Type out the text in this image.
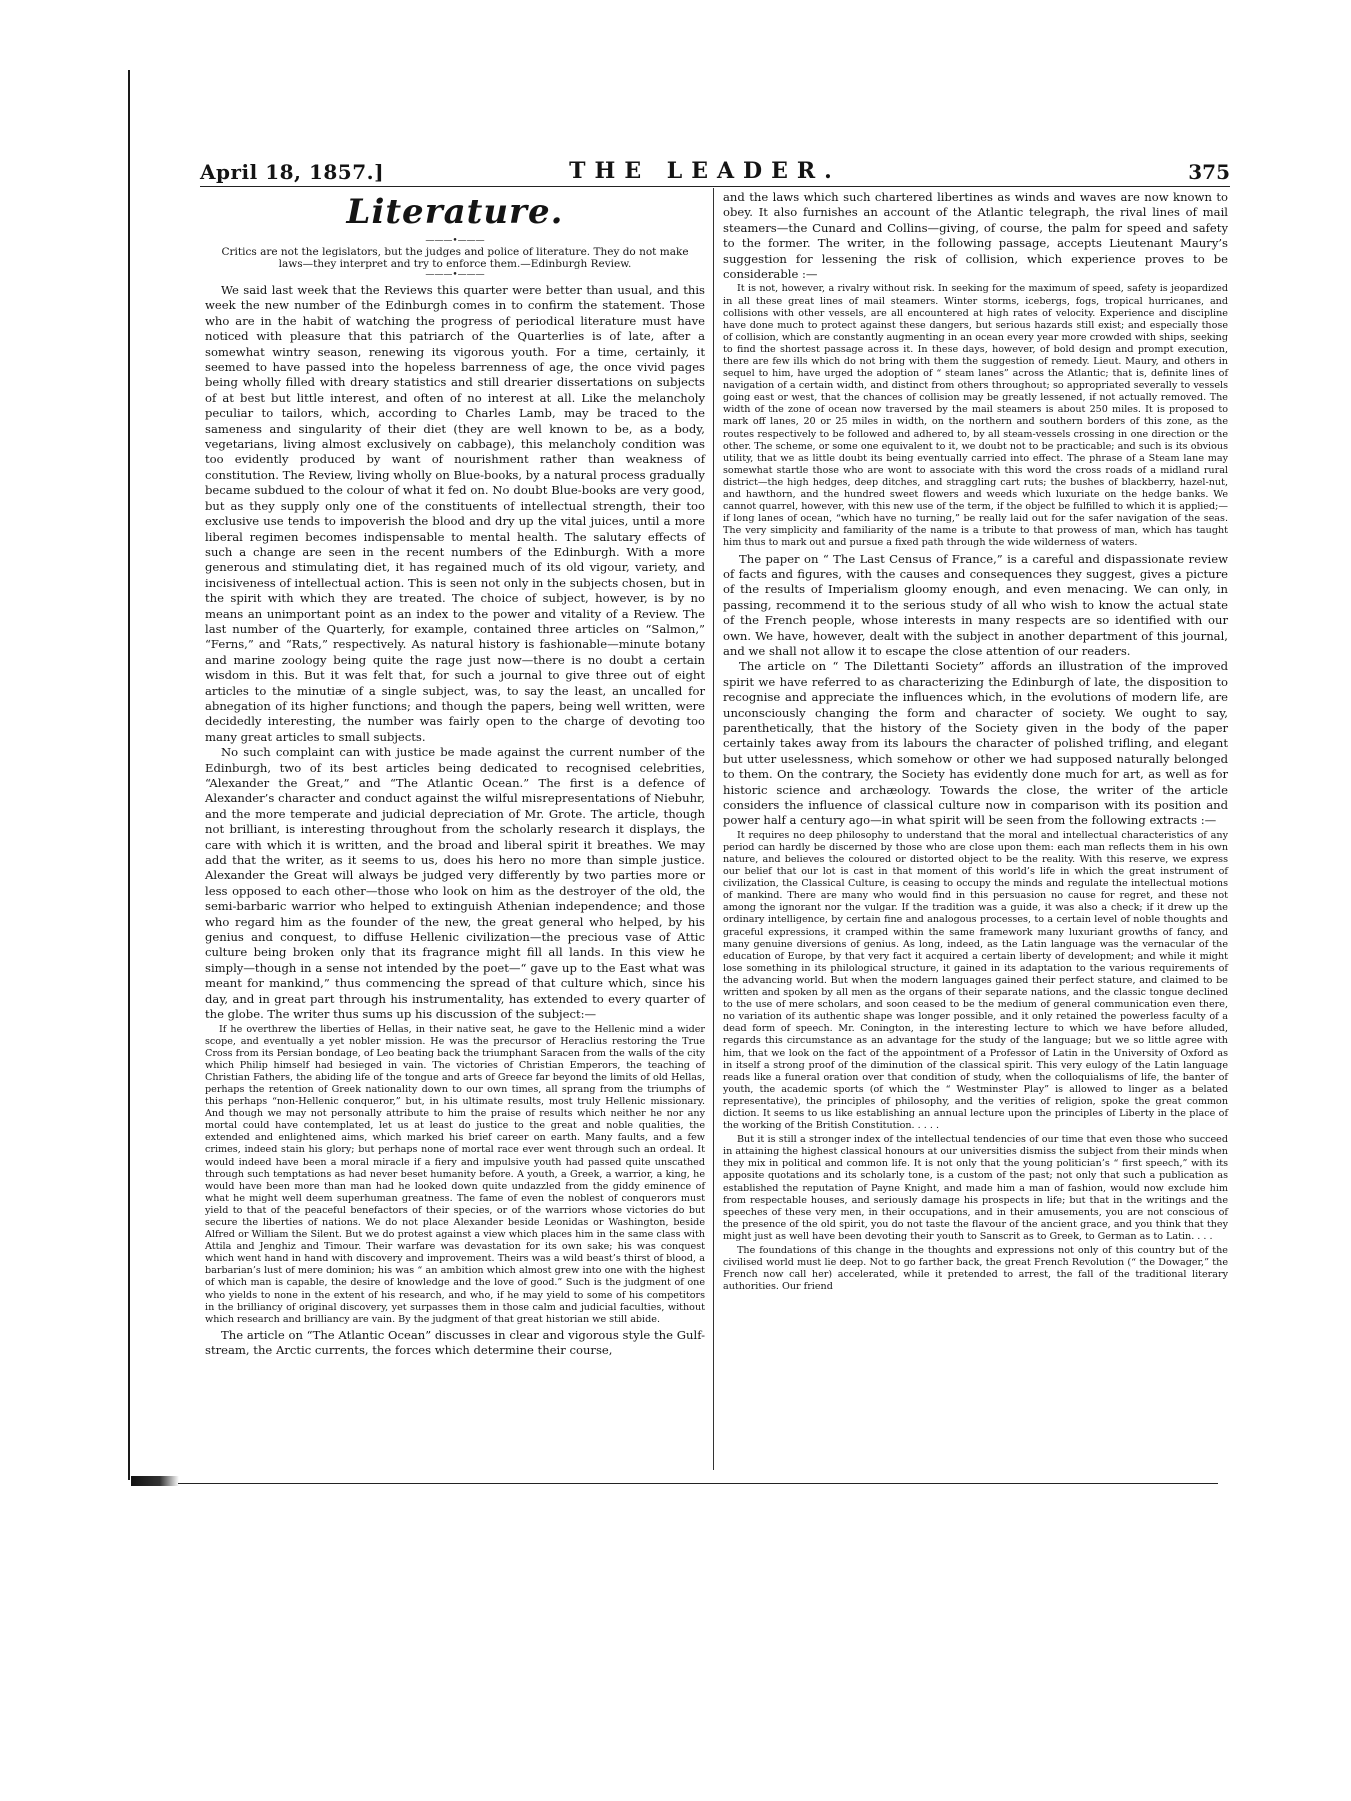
April 18, 1857.]	THE LEADER.	375
Literature.
———•———
Critics are not the legislators, but the judges and police of literature. They do not make laws—they interpret and try to enforce them.—Edinburgh Review.
———•———

We said last week that the Reviews this quarter were better than usual, and this week the new number of the Edinburgh comes in to confirm the statement. Those who are in the habit of watching the progress of periodical literature must have noticed with pleasure that this patriarch of the Quarterlies is of late, after a somewhat wintry season, renewing its vigorous youth. For a time, certainly, it seemed to have passed into the hopeless barrenness of age, the once vivid pages being wholly filled with dreary statistics and still drearier dissertations on subjects of at best but little interest, and often of no interest at all. Like the melancholy peculiar to tailors, which, according to Charles Lamb, may be traced to the sameness and singularity of their diet (they are well known to be, as a body, vegetarians, living almost exclusively on cabbage), this melancholy condition was too evidently produced by want of nourishment rather than weakness of constitution. The Review, living wholly on Blue-books, by a natural process gradually became subdued to the colour of what it fed on. No doubt Blue-books are very good, but as they supply only one of the constituents of intellectual strength, their too exclusive use tends to impoverish the blood and dry up the vital juices, until a more liberal regimen becomes indispensable to mental health. The salutary effects of such a change are seen in the recent numbers of the Edinburgh. With a more generous and stimulating diet, it has regained much of its old vigour, variety, and incisiveness of intellectual action. This is seen not only in the subjects chosen, but in the spirit with which they are treated. The choice of subject, however, is by no means an unimportant point as an index to the power and vitality of a Review. The last number of the Quarterly, for example, contained three articles on “Salmon,” “Ferns,” and “Rats,” respectively. As natural history is fashionable—minute botany and marine zoology being quite the rage just now—there is no doubt a certain wisdom in this. But it was felt that, for such a journal to give three out of eight articles to the minutiæ of a single subject, was, to say the least, an uncalled for abnegation of its higher functions; and though the papers, being well written, were decidedly interesting, the number was fairly open to the charge of devoting too many great articles to small subjects.

No such complaint can with justice be made against the current number of the Edinburgh, two of its best articles being dedicated to recognised celebrities, “Alexander the Great,” and “The Atlantic Ocean.” The first is a defence of Alexander’s character and conduct against the wilful misrepresentations of Niebuhr, and the more temperate and judicial depreciation of Mr. Grote. The article, though not brilliant, is interesting throughout from the scholarly research it displays, the care with which it is written, and the broad and liberal spirit it breathes. We may add that the writer, as it seems to us, does his hero no more than simple justice. Alexander the Great will always be judged very differently by two parties more or less opposed to each other—those who look on him as the destroyer of the old, the semi-barbaric warrior who helped to extinguish Athenian independence; and those who regard him as the founder of the new, the great general who helped, by his genius and conquest, to diffuse Hellenic civilization—the precious vase of Attic culture being broken only that its fragrance might fill all lands. In this view he simply—though in a sense not intended by the poet—“ gave up to the East what was meant for mankind,” thus commencing the spread of that culture which, since his day, and in great part through his instrumentality, has extended to every quarter of the globe. The writer thus sums up his discussion of the subject:—

If he overthrew the liberties of Hellas, in their native seat, he gave to the Hellenic mind a wider scope, and eventually a yet nobler mission. He was the precursor of Heraclius restoring the True Cross from its Persian bondage, of Leo beating back the triumphant Saracen from the walls of the city which Philip himself had besieged in vain. The victories of Christian Emperors, the teaching of Christian Fathers, the abiding life of the tongue and arts of Greece far beyond the limits of old Hellas, perhaps the retention of Greek nationality down to our own times, all sprang from the triumphs of this perhaps “non-Hellenic conqueror,” but, in his ultimate results, most truly Hellenic missionary. And though we may not personally attribute to him the praise of results which neither he nor any mortal could have contemplated, let us at least do justice to the great and noble qualities, the extended and enlightened aims, which marked his brief career on earth. Many faults, and a few crimes, indeed stain his glory; but perhaps none of mortal race ever went through such an ordeal. It would indeed have been a moral miracle if a fiery and impulsive youth had passed quite unscathed through such temptations as had never beset humanity before. A youth, a Greek, a warrior, a king, he would have been more than man had he looked down quite undazzled from the giddy eminence of what he might well deem superhuman greatness. The fame of even the noblest of conquerors must yield to that of the peaceful benefactors of their species, or of the warriors whose victories do but secure the liberties of nations. We do not place Alexander beside Leonidas or Washington, beside Alfred or William the Silent. But we do protest against a view which places him in the same class with Attila and Jenghiz and Timour. Their warfare was devastation for its own sake; his was conquest which went hand in hand with discovery and improvement. Theirs was a wild beast’s thirst of blood, a barbarian’s lust of mere dominion; his was “ an ambition which almost grew into one with the highest of which man is capable, the desire of knowledge and the love of good.” Such is the judgment of one who yields to none in the extent of his research, and who, if he may yield to some of his competitors in the brilliancy of original discovery, yet surpasses them in those calm and judicial faculties, without which research and brilliancy are vain. By the judgment of that great historian we still abide.

The article on “The Atlantic Ocean” discusses in clear and vigorous style the Gulf-stream, the Arctic currents, the forces which determine their course,

and the laws which such chartered libertines as winds and waves are now known to obey. It also furnishes an account of the Atlantic telegraph, the rival lines of mail steamers—the Cunard and Collins—giving, of course, the palm for speed and safety to the former. The writer, in the following passage, accepts Lieutenant Maury’s suggestion for lessening the risk of collision, which experience proves to be considerable :—

It is not, however, a rivalry without risk. In seeking for the maximum of speed, safety is jeopardized in all these great lines of mail steamers. Winter storms, icebergs, fogs, tropical hurricanes, and collisions with other vessels, are all encountered at high rates of velocity. Experience and discipline have done much to protect against these dangers, but serious hazards still exist; and especially those of collision, which are constantly augmenting in an ocean every year more crowded with ships, seeking to find the shortest passage across it. In these days, however, of bold design and prompt execution, there are few ills which do not bring with them the suggestion of remedy. Lieut. Maury, and others in sequel to him, have urged the adoption of “ steam lanes” across the Atlantic; that is, definite lines of navigation of a certain width, and distinct from others throughout; so appropriated severally to vessels going east or west, that the chances of collision may be greatly lessened, if not actually removed. The width of the zone of ocean now traversed by the mail steamers is about 250 miles. It is proposed to mark off lanes, 20 or 25 miles in width, on the northern and southern borders of this zone, as the routes respectively to be followed and adhered to, by all steam-vessels crossing in one direction or the other. The scheme, or some one equivalent to it, we doubt not to be practicable; and such is its obvious utility, that we as little doubt its being eventually carried into effect. The phrase of a Steam lane may somewhat startle those who are wont to associate with this word the cross roads of a midland rural district—the high hedges, deep ditches, and straggling cart ruts; the bushes of blackberry, hazel-nut, and hawthorn, and the hundred sweet flowers and weeds which luxuriate on the hedge banks. We cannot quarrel, however, with this new use of the term, if the object be fulfilled to which it is applied;—if long lanes of ocean, “which have no turning,” be really laid out for the safer navigation of the seas. The very simplicity and familiarity of the name is a tribute to that prowess of man, which has taught him thus to mark out and pursue a fixed path through the wide wilderness of waters.

The paper on “ The Last Census of France,” is a careful and dispassionate review of facts and figures, with the causes and consequences they suggest, gives a picture of the results of Imperialism gloomy enough, and even menacing. We can only, in passing, recommend it to the serious study of all who wish to know the actual state of the French people, whose interests in many respects are so identified with our own. We have, however, dealt with the subject in another department of this journal, and we shall not allow it to escape the close attention of our readers.

The article on “ The Dilettanti Society” affords an illustration of the improved spirit we have referred to as characterizing the Edinburgh of late, the disposition to recognise and appreciate the influences which, in the evolutions of modern life, are unconsciously changing the form and character of society. We ought to say, parenthetically, that the history of the Society given in the body of the paper certainly takes away from its labours the character of polished trifling, and elegant but utter uselessness, which somehow or other we had supposed naturally belonged to them. On the contrary, the Society has evidently done much for art, as well as for historic science and archæology. Towards the close, the writer of the article considers the influence of classical culture now in comparison with its position and power half a century ago—in what spirit will be seen from the following extracts :—

It requires no deep philosophy to understand that the moral and intellectual characteristics of any period can hardly be discerned by those who are close upon them: each man reflects them in his own nature, and believes the coloured or distorted object to be the reality. With this reserve, we express our belief that our lot is cast in that moment of this world’s life in which the great instrument of civilization, the Classical Culture, is ceasing to occupy the minds and regulate the intellectual motions of mankind. There are many who would find in this persuasion no cause for regret, and these not among the ignorant nor the vulgar. If the tradition was a guide, it was also a check; if it drew up the ordinary intelligence, by certain fine and analogous processes, to a certain level of noble thoughts and graceful expressions, it cramped within the same framework many luxuriant growths of fancy, and many genuine diversions of genius. As long, indeed, as the Latin language was the vernacular of the education of Europe, by that very fact it acquired a certain liberty of development; and while it might lose something in its philological structure, it gained in its adaptation to the various requirements of the advancing world. But when the modern languages gained their perfect stature, and claimed to be written and spoken by all men as the organs of their separate nations, and the classic tongue declined to the use of mere scholars, and soon ceased to be the medium of general communication even there, no variation of its authentic shape was longer possible, and it only retained the powerless faculty of a dead form of speech. Mr. Conington, in the interesting lecture to which we have before alluded, regards this circumstance as an advantage for the study of the language; but we so little agree with him, that we look on the fact of the appointment of a Professor of Latin in the University of Oxford as in itself a strong proof of the diminution of the classical spirit. This very eulogy of the Latin language reads like a funeral oration over that condition of study, when the colloquialisms of life, the banter of youth, the academic sports (of which the “ Westminster Play” is allowed to linger as a belated representative), the principles of philosophy, and the verities of religion, spoke the great common diction. It seems to us like establishing an annual lecture upon the principles of Liberty in the place of the working of the British Constitution. . . . .

But it is still a stronger index of the intellectual tendencies of our time that even those who succeed in attaining the highest classical honours at our universities dismiss the subject from their minds when they mix in political and common life. It is not only that the young politician’s “ first speech,” with its apposite quotations and its scholarly tone, is a custom of the past; not only that such a publication as established the reputation of Payne Knight, and made him a man of fashion, would now exclude him from respectable houses, and seriously damage his prospects in life; but that in the writings and the speeches of these very men, in their occupations, and in their amusements, you are not conscious of the presence of the old spirit, you do not taste the flavour of the ancient grace, and you think that they might just as well have been devoting their youth to Sanscrit as to Greek, to German as to Latin. . . .

The foundations of this change in the thoughts and expressions not only of this country but of the civilised world must lie deep. Not to go farther back, the great French Revolution (“ the Dowager,” the French now call her) accelerated, while it pretended to arrest, the fall of the traditional literary authorities. Our friend
